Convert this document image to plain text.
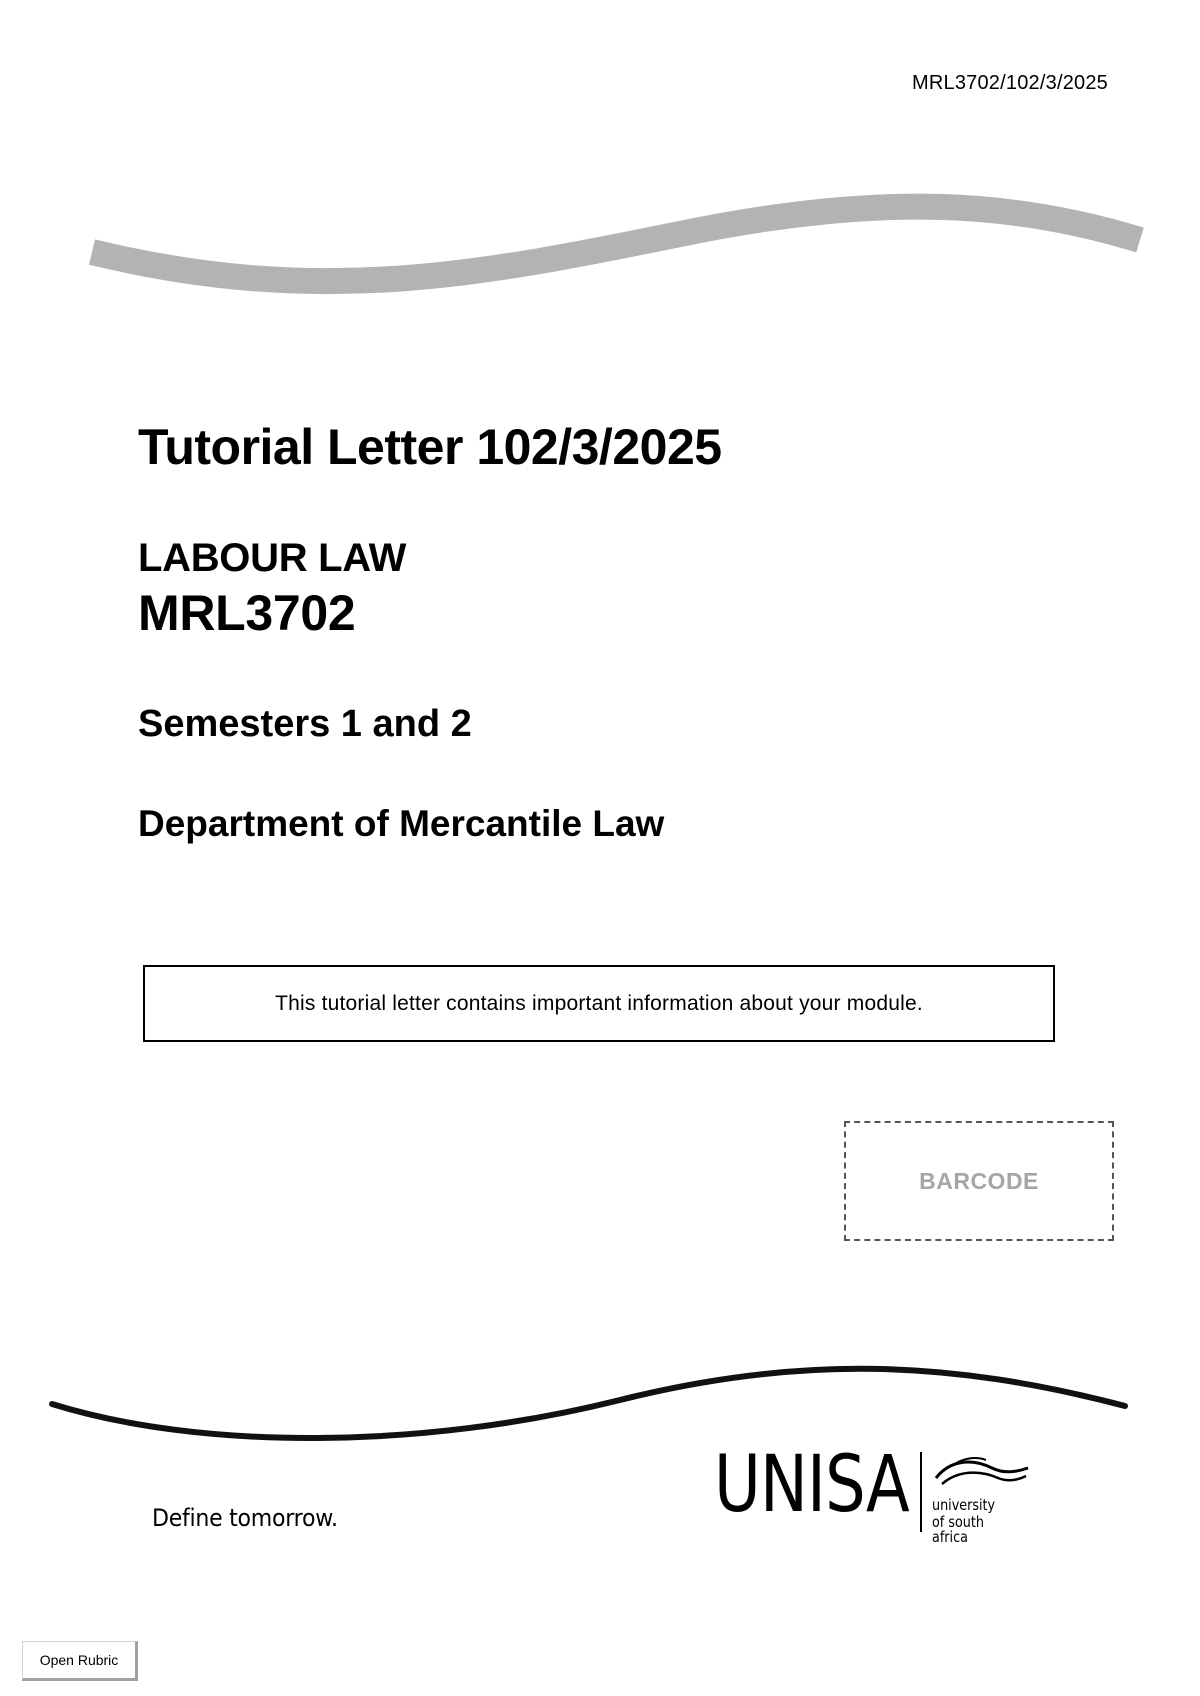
MRL3702/102/3/2025
Tutorial Letter 102/3/2025
LABOUR LAW
MRL3702
Semesters 1 and 2
Department of Mercantile Law
This tutorial letter contains important information about your module.
BARCODE
Define tomorrow.	UNISA university
of south africa
Open Rubric
